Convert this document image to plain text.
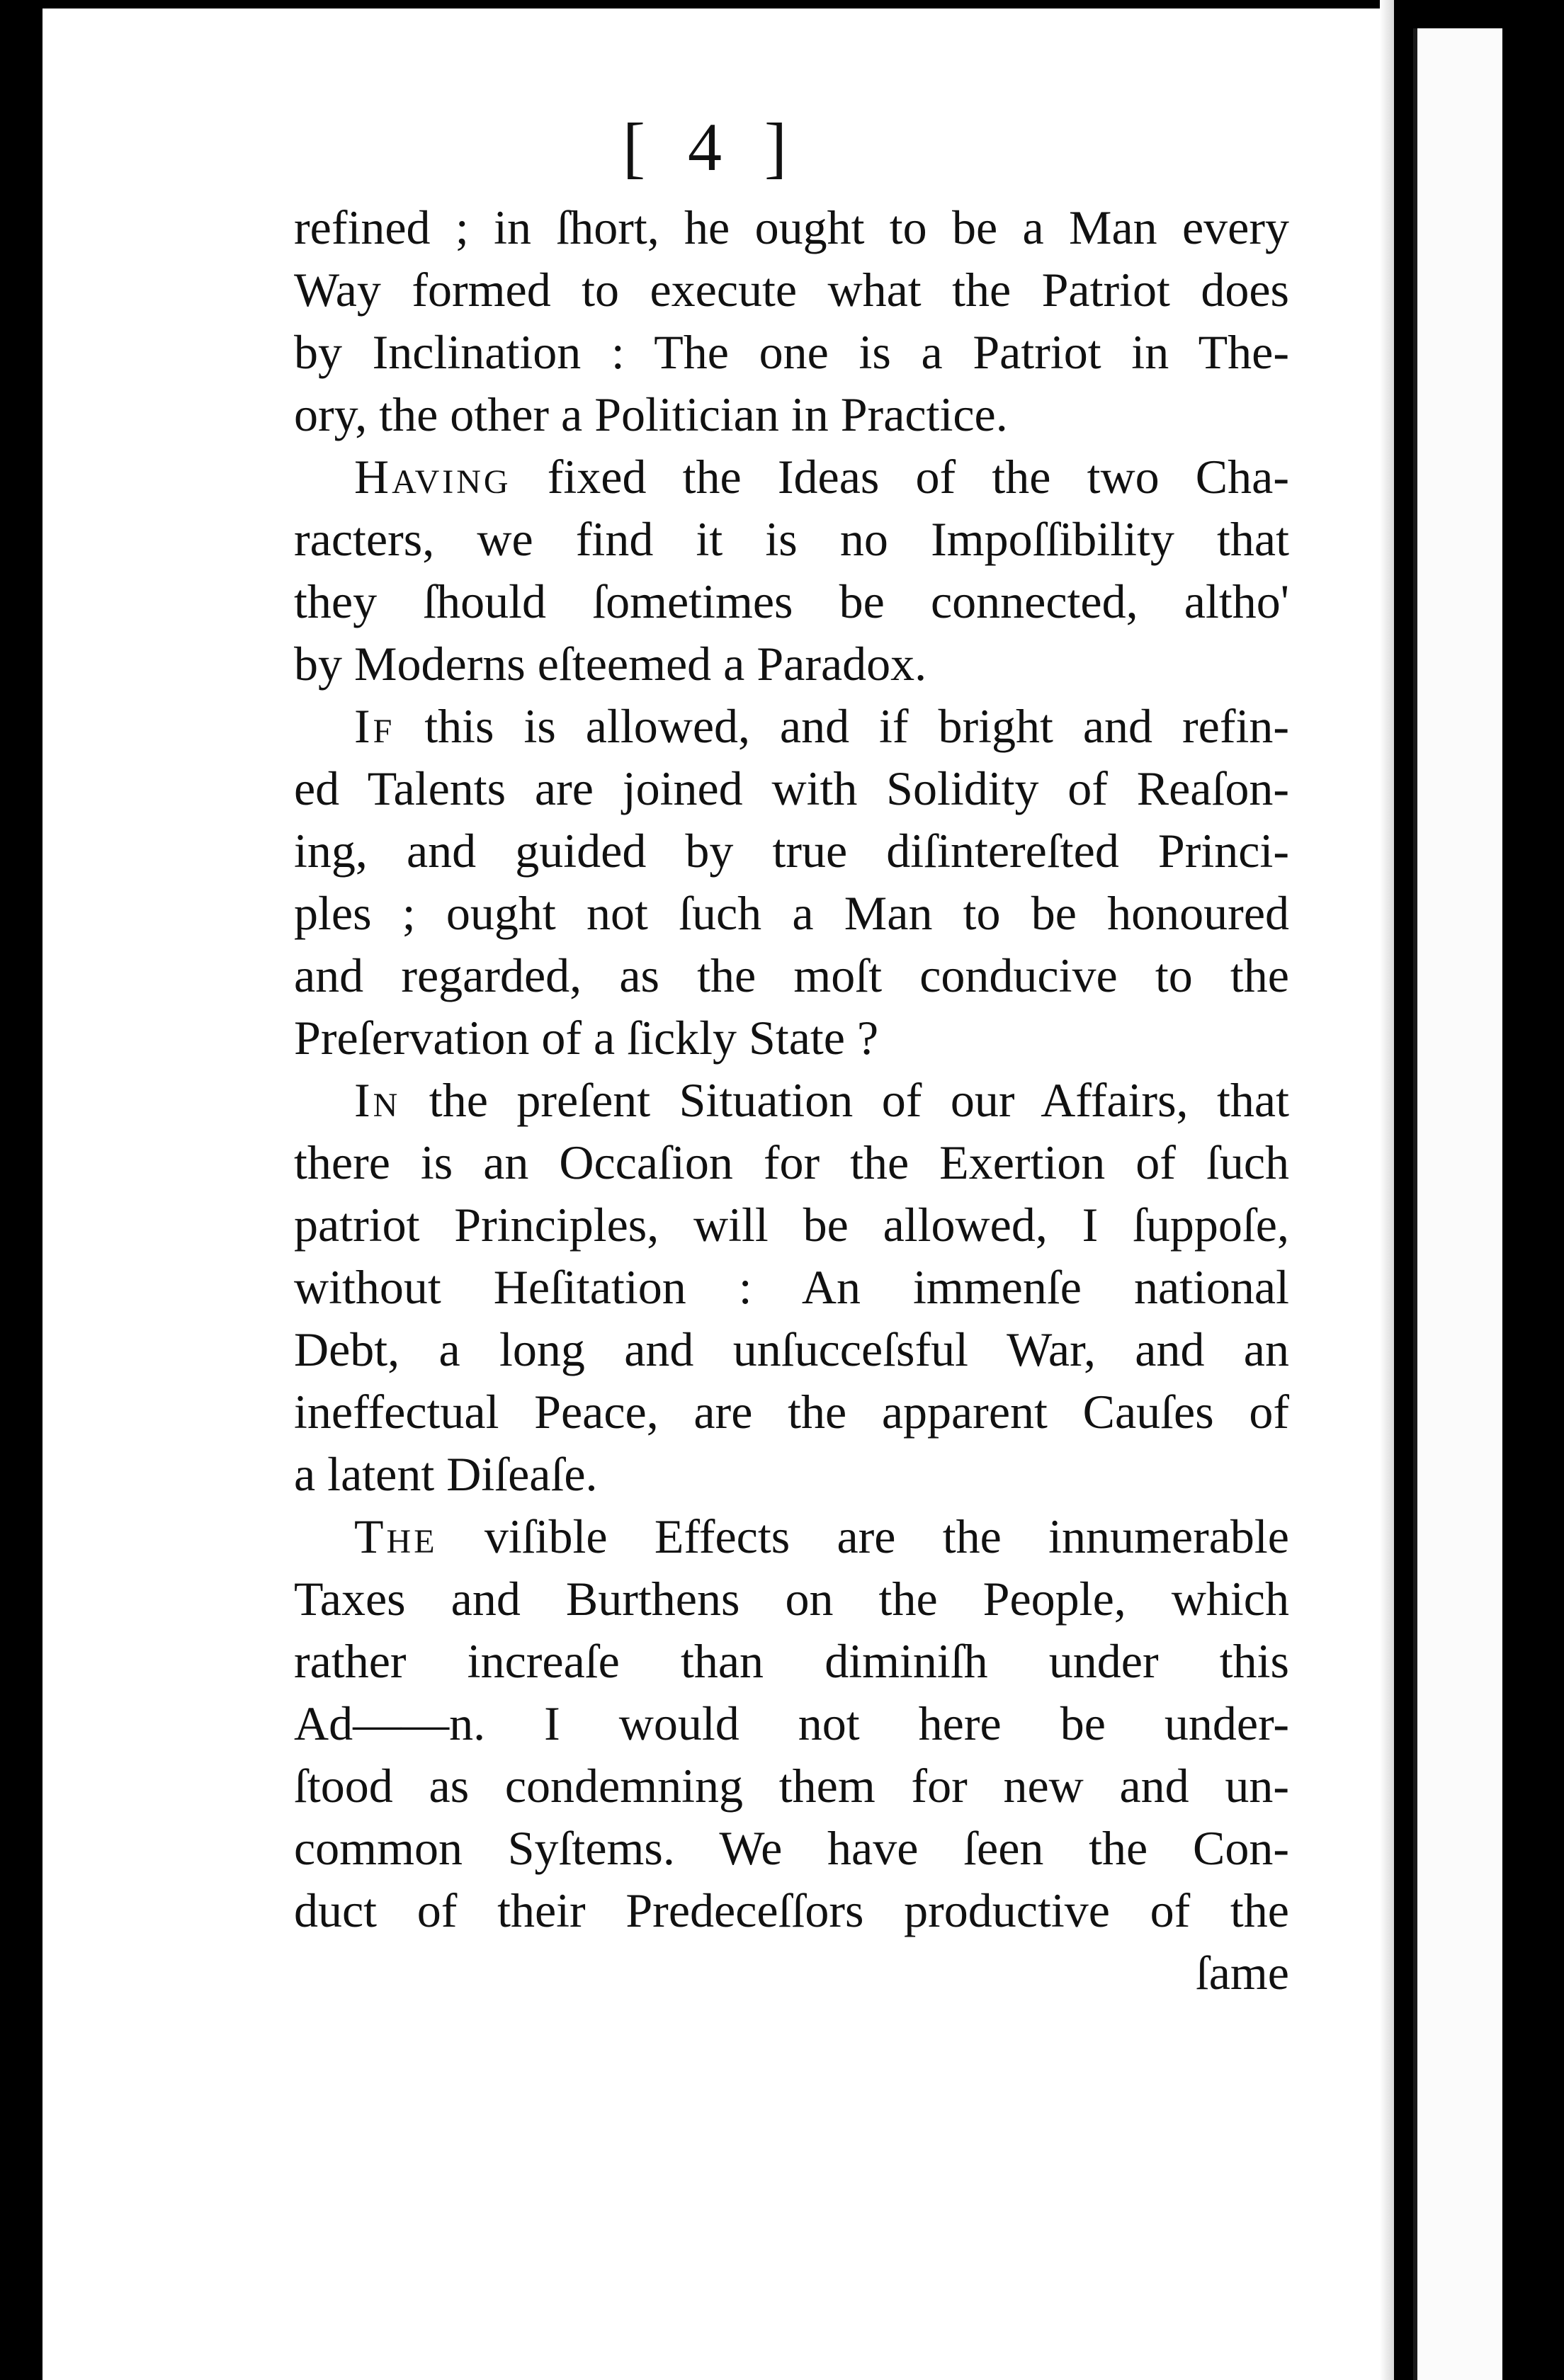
[ 4 ]
refined ; in ſhort, he ought to be a Man every
Way formed to execute what the Patriot does
by Inclination : The one is a Patriot in The-
ory, the other a Politician in Practice.
Having fixed the Ideas of the two Cha-
racters, we find it is no Impoſſibility that
they ſhould ſometimes be connected, altho'
by Moderns eſteemed a Paradox.
If this is allowed, and if bright and refin-
ed Talents are joined with Solidity of Reaſon-
ing, and guided by true diſintereſted Princi-
ples ; ought not ſuch a Man to be honoured
and regarded, as the moſt conducive to the
Preſervation of a ſickly State ?
In the preſent Situation of our Affairs, that
there is an Occaſion for the Exertion of ſuch
patriot Principles, will be allowed, I ſuppoſe,
without Heſitation : An immenſe national
Debt, a long and unſucceſsful War, and an
ineffectual Peace, are the apparent Cauſes of
a latent Diſeaſe.
The viſible Effects are the innumerable
Taxes and Burthens on the People, which
rather increaſe than diminiſh under this
Ad——n. I would not here be under-
ſtood as condemning them for new and un-
common Syſtems. We have ſeen the Con-
duct of their Predeceſſors productive of the
ſame
